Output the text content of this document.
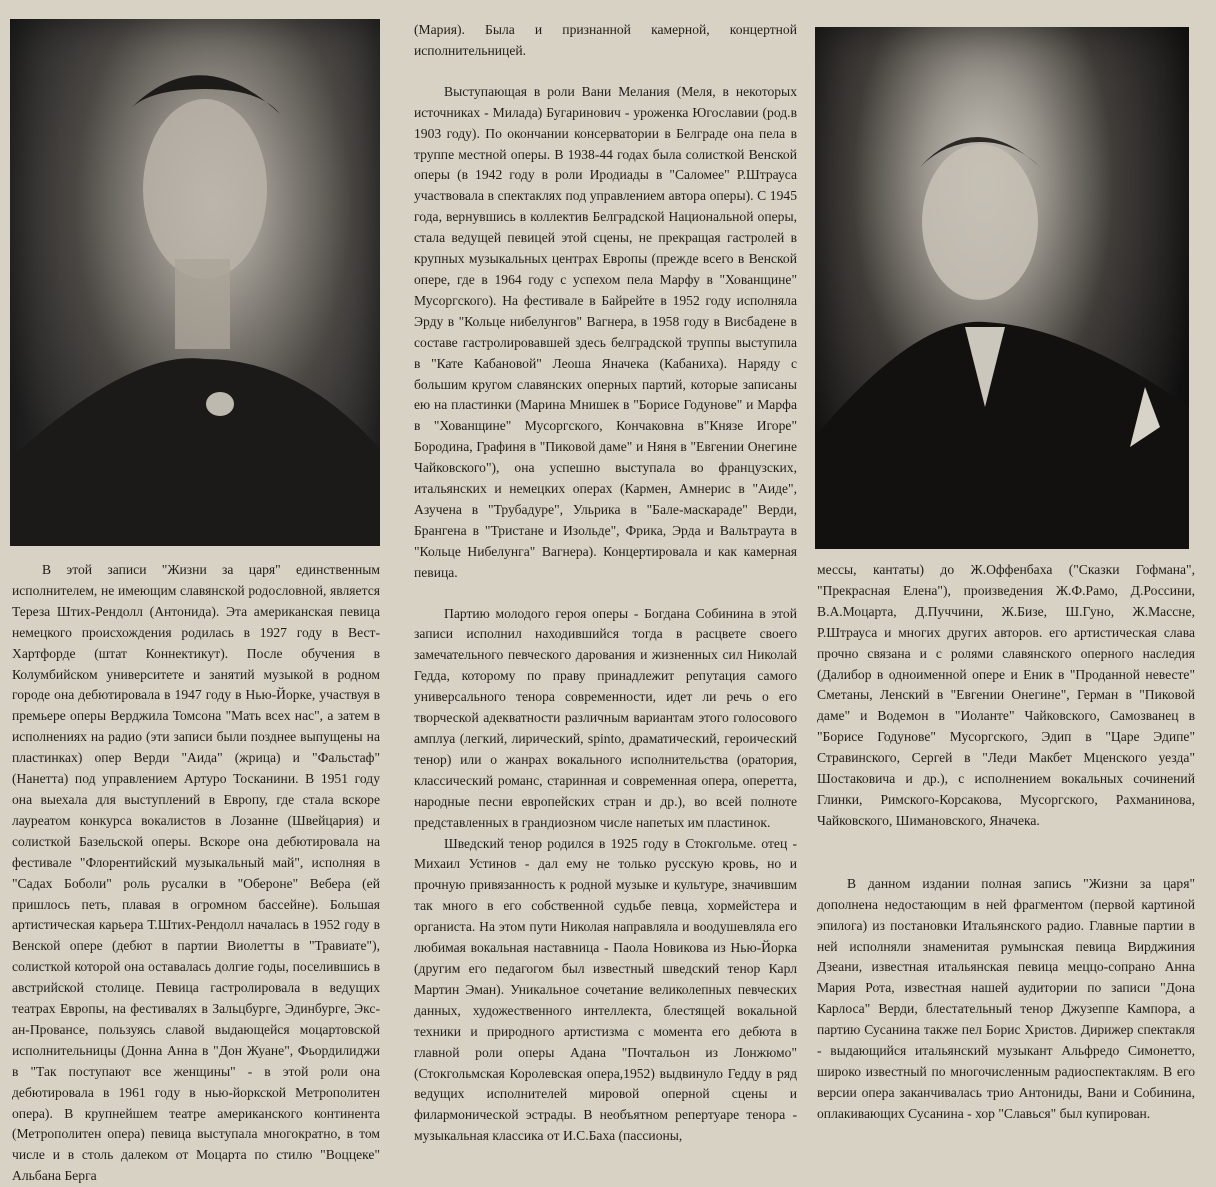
В этой записи "Жизни за царя" единственным исполнителем, не имеющим славянской родословной, является Тереза Штих-Рендолл (Антонида). Эта американская певица немецкого происхождения родилась в 1927 году в Вест-Хартфорде (штат Коннектикут). После обучения в Колумбийском университете и занятий музыкой в родном городе она дебютировала в 1947 году в Нью-Йорке, участвуя в премьере оперы Верджила Томсона "Мать всех нас", а затем в исполнениях на радио (эти записи были позднее выпущены на пластинках) опер Верди "Аида" (жрица) и "Фальстаф" (Нанетта) под управлением Артуро Тосканини. В 1951 году она выехала для выступлений в Европу, где стала вскоре лауреатом конкурса вокалистов в Лозанне (Швейцария) и солисткой Базельской оперы. Вскоре она дебютировала на фестивале "Флорентийский музыкальный май", исполняя в "Садах Боболи" роль русалки в "Обероне" Вебера (ей пришлось петь, плавая в огромном бассейне). Большая артистическая карьера Т.Штих-Рендолл началась в 1952 году в Венской опере (дебют в партии Виолетты в "Травиате"), солисткой которой она оставалась долгие годы, поселившись в австрийской столице. Певица гастролировала в ведущих театрах Европы, на фестивалях в Зальцбурге, Эдинбурге, Экс-ан-Провансе, пользуясь славой выдающейся моцартовской исполнительницы (Донна Анна в "Дон Жуане", Фьордилиджи в "Так поступают все женщины" - в этой роли она дебютировала в 1961 году в нью-йоркской Метрополитен опера). В крупнейшем театре американского континента (Метрополитен опера) певица выступала многократно, в том числе и в столь далеком от Моцарта по стилю "Воццеке" Альбана Берга

(Мария). Была и признанной камерной, концертной исполнительницей.

Выступающая в роли Вани Мелания (Меля, в некоторых источниках - Милада) Бугаринович - уроженка Югославии (род.в 1903 году). По окончании консерватории в Белграде она пела в труппе местной оперы. В 1938-44 годах была солисткой Венской оперы (в 1942 году в роли Иродиады в "Саломее" Р.Штрауса участвовала в спектаклях под управлением автора оперы). С 1945 года, вернувшись в коллектив Белградской Национальной оперы, стала ведущей певицей этой сцены, не прекращая гастролей в крупных музыкальных центрах Европы (прежде всего в Венской опере, где в 1964 году с успехом пела Марфу в "Хованщине" Мусоргского). На фестивале в Байрейте в 1952 году исполняла Эрду в "Кольце нибелунгов" Вагнера, в 1958 году в Висбадене в составе гастролировавшей здесь белградской труппы выступила в "Кате Кабановой" Леоша Яначека (Кабаниха). Наряду с большим кругом славянских оперных партий, которые записаны ею на пластинки (Марина Мнишек в "Борисе Годунове" и Марфа в "Хованщине" Мусоргского, Кончаковна в"Князе Игоре" Бородина, Графиня в "Пиковой даме" и Няня в "Евгении Онегине Чайковского"), она успешно выступала во французских, итальянских и немецких операх (Кармен, Амнерис в "Аиде", Азучена в "Трубадуре", Ульрика в "Бале-маскараде" Верди, Брангена в "Тристане и Изольде", Фрика, Эрда и Вальтраута в "Кольце Нибелунга" Вагнера). Концертировала и как камерная певица.

Партию молодого героя оперы - Богдана Собинина в этой записи исполнил находившийся тогда в расцвете своего замечательного певческого дарования и жизненных сил Николай Гедда, которому по праву принадлежит репутация самого универсального тенора современности, идет ли речь о его творческой адекватности различным вариантам этого голосового амплуа (легкий, лирический, spinto, драматический, героический тенор) или о жанрах вокального исполнительства (оратория, классический романс, старинная и современная опера, оперетта, народные песни европейских стран и др.), во всей полноте представленных в грандиозном числе напетых им пластинок.

Шведский тенор родился в 1925 году в Стокгольме. отец - Михаил Устинов - дал ему не только русскую кровь, но и прочную привязанность к родной музыке и культуре, значившим так много в его собственной судьбе певца, хормейстера и органиста. На этом пути Николая направляла и воодушевляла его любимая вокальная наставница - Паола Новикова из Нью-Йорка (другим его педагогом был известный шведский тенор Карл Мартин Эман). Уникальное сочетание великолепных певческих данных, художественного интеллекта, блестящей вокальной техники и природного артистизма с момента его дебюта в главной роли оперы Адана "Почтальон из Лонжюмо" (Стокгольмская Королевская опера,1952) выдвинуло Гедду в ряд ведущих исполнителей мировой оперной сцены и филармонической эстрады. В необъятном репертуаре тенора - музыкальная классика от И.С.Баха (пассионы,

мессы, кантаты) до Ж.Оффенбаха ("Сказки Гофмана", "Прекрасная Елена"), произведения Ж.Ф.Рамо, Д.Россини, В.А.Моцарта, Д.Пуччини, Ж.Бизе, Ш.Гуно, Ж.Массне, Р.Штрауса и многих других авторов. его артистическая слава прочно связана и с ролями славянского оперного наследия (Далибор в одноименной опере и Еник в "Проданной невесте" Сметаны, Ленский в "Евгении Онегине", Герман в "Пиковой даме" и Водемон в "Иоланте" Чайковского, Самозванец в "Борисе Годунове" Мусоргского, Эдип в "Царе Эдипе" Стравинского, Сергей в "Леди Макбет Мценского уезда" Шостаковича и др.), с исполнением вокальных сочинений Глинки, Римского-Корсакова, Мусоргского, Рахманинова, Чайковского, Шимановского, Яначека.

В данном издании полная запись "Жизни за царя" дополнена недостающим в ней фрагментом (первой картиной эпилога) из постановки Итальянского радио. Главные партии в ней исполняли знаменитая румынская певица Вирджиния Дзеани, известная итальянская певица меццо-сопрано Анна Мария Рота, известная нашей аудитории по записи "Дона Карлоса" Верди, блестательный тенор Джузеппе Кампора, а партию Сусанина также пел Борис Христов. Дирижер спектакля - выдающийся итальянский музыкант Альфредо Симонетто, широко известный по многочисленным радиоспектаклям. В его версии опера заканчивалась трио Антониды, Вани и Собинина, оплакивающих Сусанина - хор "Славься" был купирован.
